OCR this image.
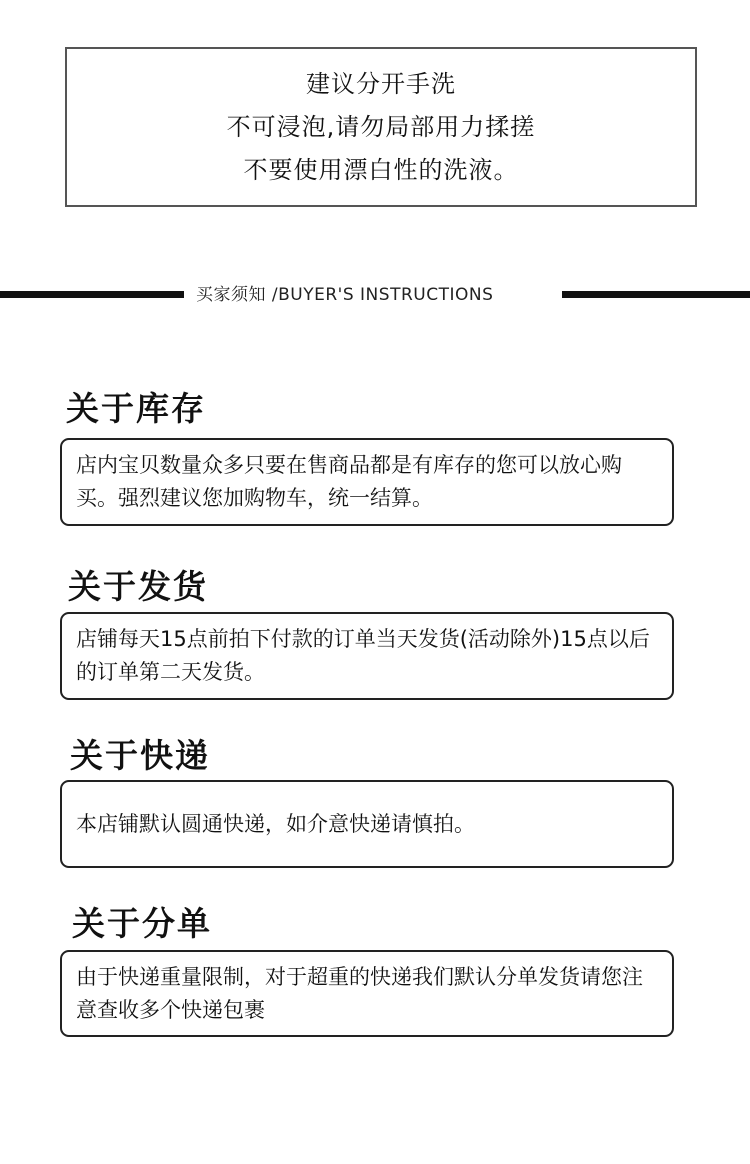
建议分开手洗
不可浸泡,请勿局部用力揉搓
不要使用漂白性的洗液。
买家须知 /BUYER'S INSTRUCTIONS
关于库存
店内宝贝数量众多只要在售商品都是有库存的您可以放心购买。强烈建议您加购物车，统一结算。
关于发货
店铺每天15点前拍下付款的订单当天发货(活动除外)15点以后的订单第二天发货。
关于快递
本店铺默认圆通快递，如介意快递请慎拍。
关于分单
由于快递重量限制，对于超重的快递我们默认分单发货请您注意查收多个快递包裹
